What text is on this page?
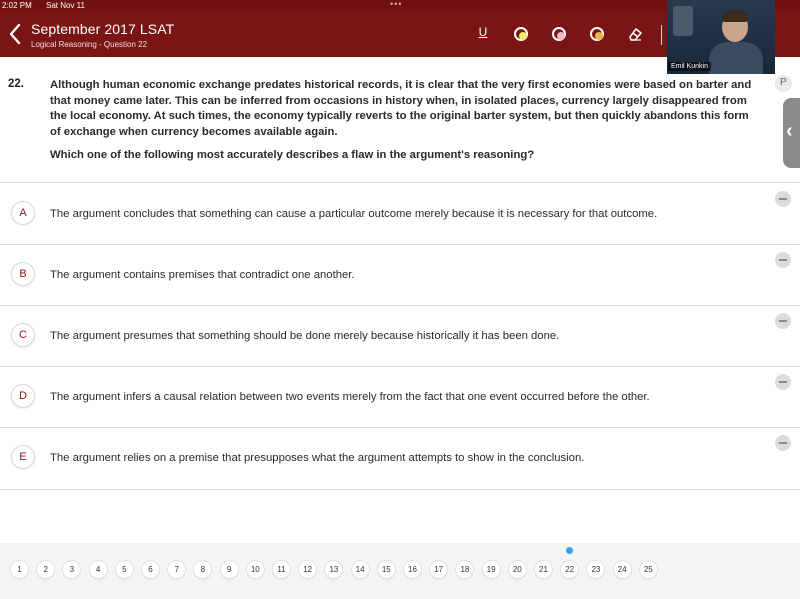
2:02 PM Sat Nov 11	•••
September 2017 LSAT
Logical Reasoning - Question 22
U
Emil Kunkin
22. Although human economic exchange predates historical records, it is clear that the very first economies were based on barter and that money came later. This can be inferred from occasions in history when, in isolated places, currency largely disappeared from the local economy. At such times, the economy typically reverts to the original barter system, but then quickly abandons this form of exchange when currency becomes available again.
Which one of the following most accurately describes a flaw in the argument's reasoning?
P
‹
A	The argument concludes that something can cause a particular outcome merely because it is necessary for that outcome.
B	The argument contains premises that contradict one another.
C	The argument presumes that something should be done merely because historically it has been done.
D	The argument infers a causal relation between two events merely from the fact that one event occurred before the other.
E	The argument relies on a premise that presupposes what the argument attempts to show in the conclusion.
1	2	3	4	5	6	7	8	9	10	11	12	13	14	15	16	17	18	19	20	21	22	23	24	25
